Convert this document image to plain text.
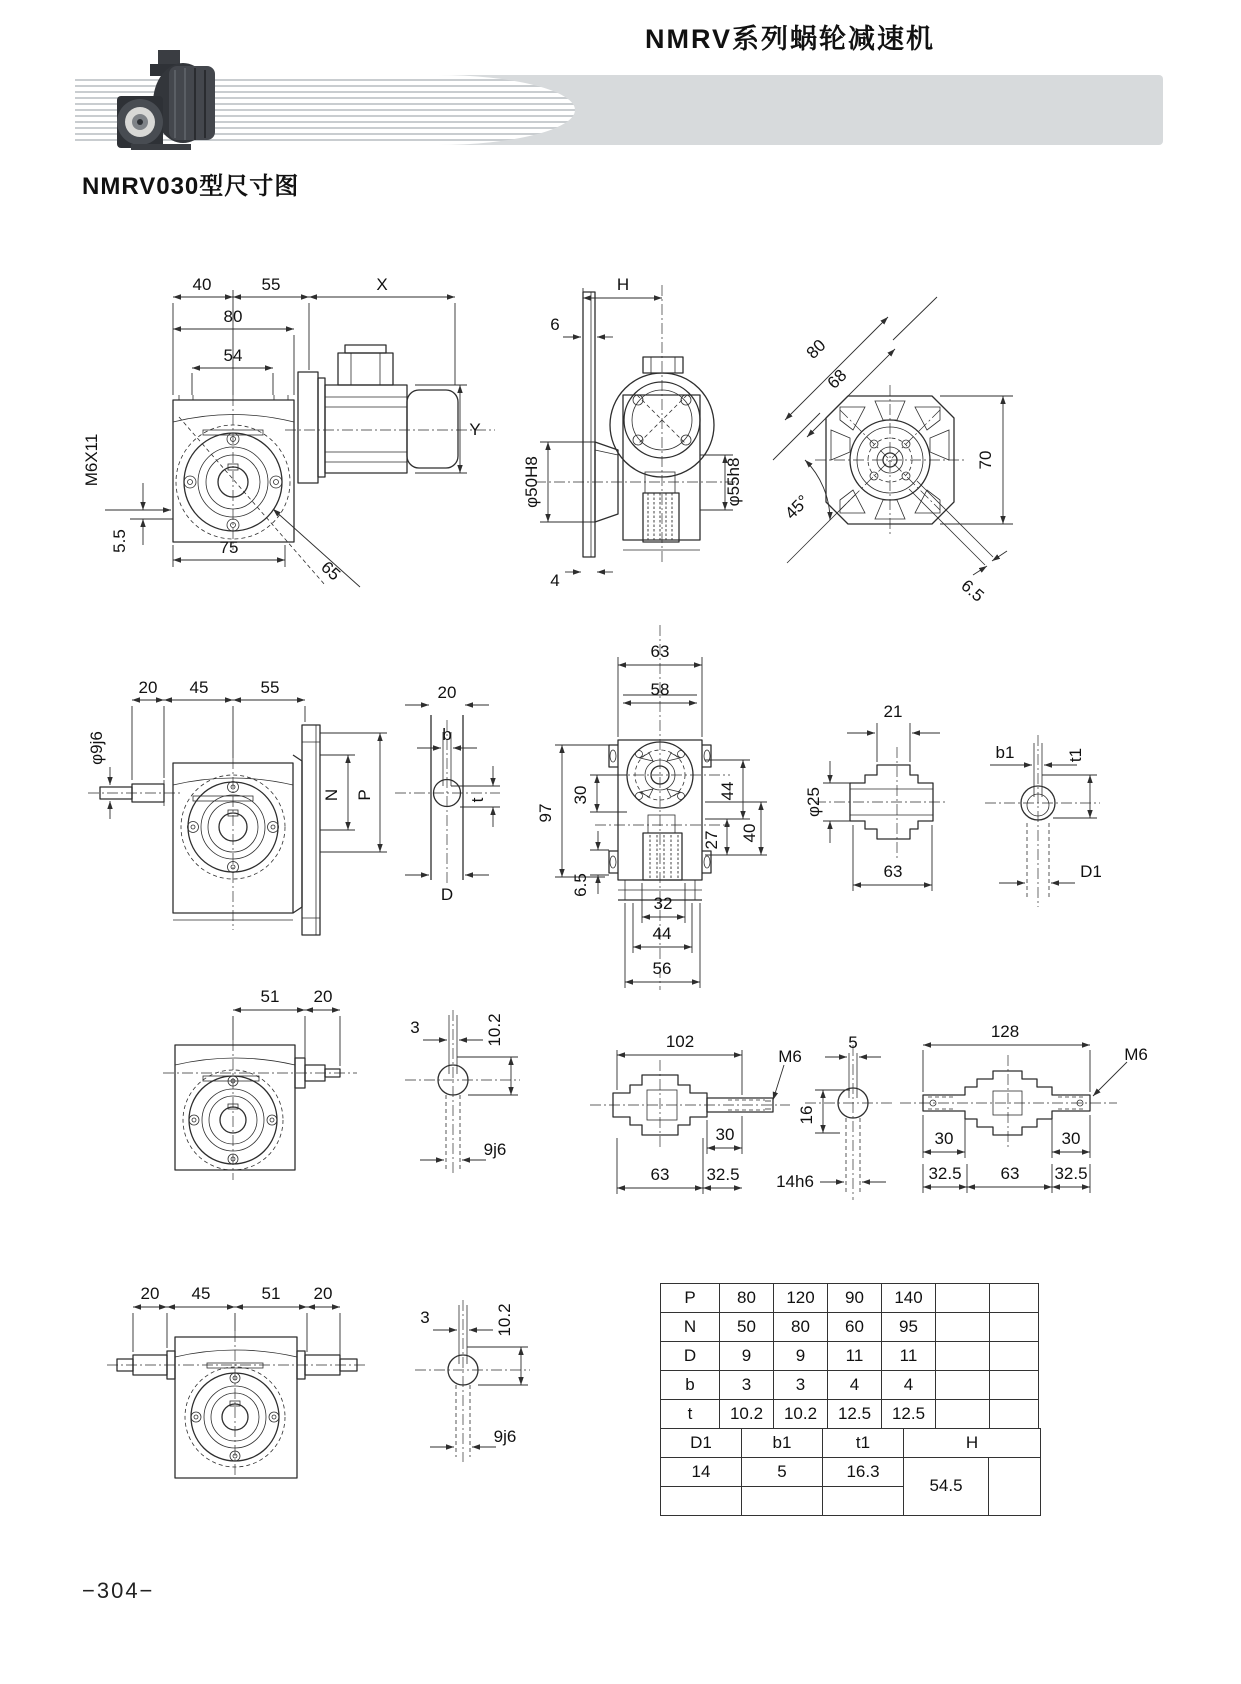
NMRV系列蜗轮减速机
NMRV030型尺寸图
40	55	X
80
54
M6X11
5.5	75
65
Y
H
6
φ50H8	φ55h8
4
80
68
45°
70
6.5
20 45	55
φ9j6
N P
20
b
t
D
63
58
97
30
6.5
44
27 40
32
44
56
21
φ25
63
b1	t1
D1
51 20
3	10.2
9j6
102
M6
30
63 32.5
5
16
14h6
128
M6
30	30
32.5 63 32.5
20 45	51 20
3	10.2
9j6
P	80	120	90	140		
N	50	80	60	95		
D	9	9	11	11		
b	3	3	4	4		
t	10.2	10.2	12.5	12.5		
D1	b1	t1	H	
14	5	16.3	54.5	

−304−
